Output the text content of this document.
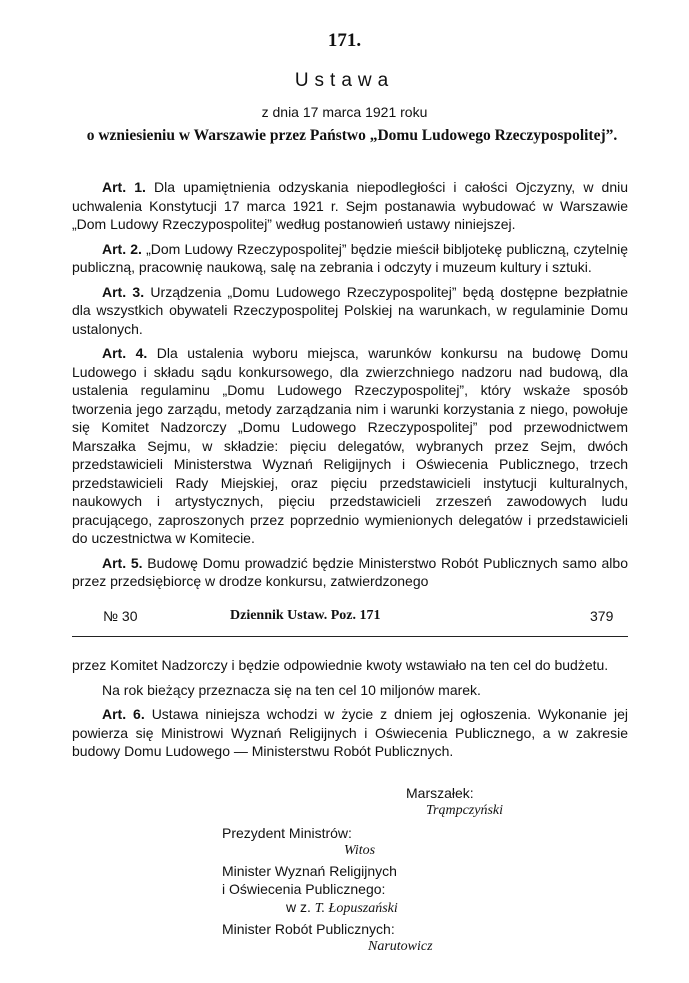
171.
Ustawa
z dnia 17 marca 1921 roku
o wzniesieniu w Warszawie przez Państwo „Domu Ludowego Rzeczypospolitej”.

Art. 1. Dla upamiętnienia odzyskania niepodległości i całości Ojczyzny, w dniu uchwalenia Konstytucji 17 marca 1921 r. Sejm postanawia wybudować w Warszawie „Dom Ludowy Rzeczypospolitej” według postanowień ustawy niniejszej.

Art. 2. „Dom Ludowy Rzeczypospolitej” będzie mieścił bibljotekę publiczną, czytelnię publiczną, pracownię naukową, salę na zebrania i odczyty i muzeum kultury i sztuki.

Art. 3. Urządzenia „Domu Ludowego Rzeczypospolitej” będą dostępne bezpłatnie dla wszystkich obywateli Rzeczypospolitej Polskiej na warunkach, w regulaminie Domu ustalonych.

Art. 4. Dla ustalenia wyboru miejsca, warunków konkursu na budowę Domu Ludowego i składu sądu konkursowego, dla zwierzchniego nadzoru nad budową, dla ustalenia regulaminu „Domu Ludowego Rzeczypospolitej”, który wskaże sposób tworzenia jego zarządu, metody zarządzania nim i warunki korzystania z niego, powołuje się Komitet Nadzorczy „Domu Ludowego Rzeczypospolitej” pod przewodnictwem Marszałka Sejmu, w składzie: pięciu delegatów, wybranych przez Sejm, dwóch przedstawicieli Ministerstwa Wyznań Religijnych i Oświecenia Publicznego, trzech przedstawicieli Rady Miejskiej, oraz pięciu przedstawicieli instytucji kulturalnych, naukowych i artystycznych, pięciu przedstawicieli zrzeszeń zawodowych ludu pracującego, zaproszonych przez poprzednio wymienionych delegatów i przedstawicieli do uczestnictwa w Komitecie.

Art. 5. Budowę Domu prowadzić będzie Ministerstwo Robót Publicznych samo albo przez przedsiębiorcę w drodze konkursu, zatwierdzonego

№ 30	Dziennik Ustaw. Poz. 171	379

przez Komitet Nadzorczy i będzie odpowiednie kwoty wstawiało na ten cel do budżetu.

Na rok bieżący przeznacza się na ten cel 10 miljonów marek.

Art. 6. Ustawa niniejsza wchodzi w życie z dniem jej ogłoszenia. Wykonanie jej powierza się Ministrowi Wyznań Religijnych i Oświecenia Publicznego, a w zakresie budowy Domu Ludowego — Ministerstwu Robót Publicznych.

Marszałek:
Trąmpczyński
Prezydent Ministrów:
Witos
Minister Wyznań Religijnych
i Oświecenia Publicznego:
w z. T. Łopuszański
Minister Robót Publicznych:
Narutowicz
